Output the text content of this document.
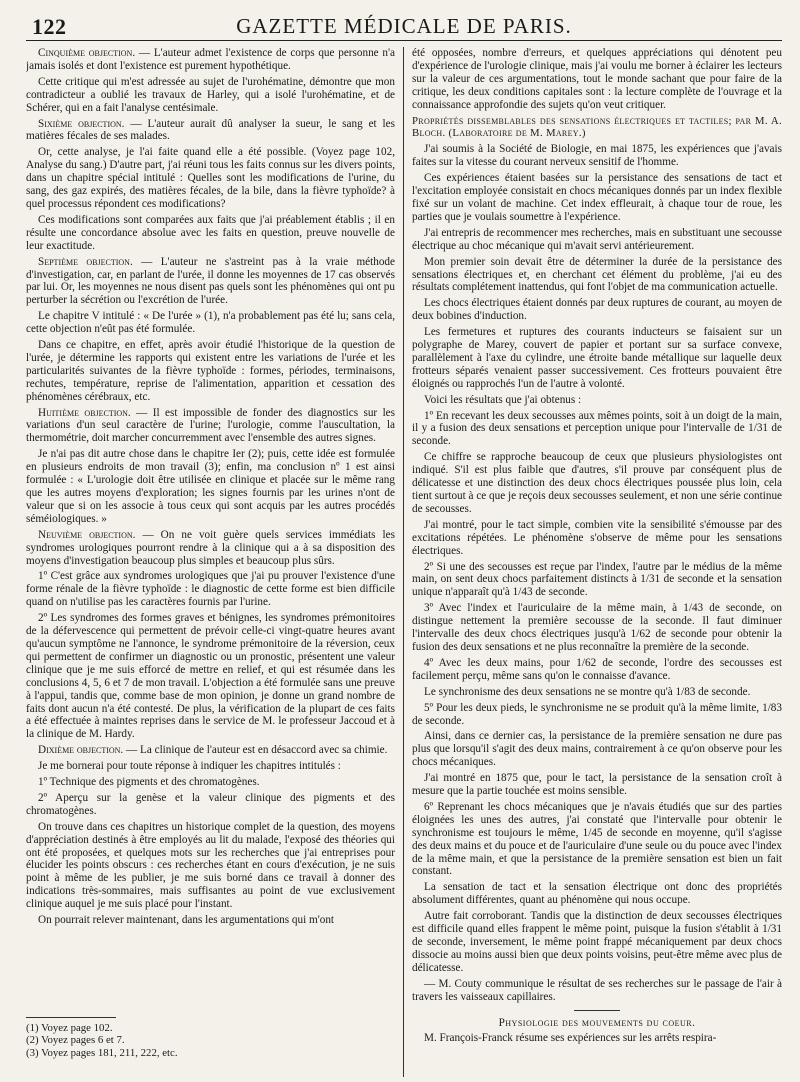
122	GAZETTE MÉDICALE DE PARIS.

Cinquième objection. — L'auteur admet l'existence de corps que personne n'a jamais isolés et dont l'existence est purement hypothétique.

Cette critique qui m'est adressée au sujet de l'urohématine, démontre que mon contradicteur a oublié les travaux de Harley, qui a isolé l'urohématine, et de Schérer, qui en a fait l'analyse centésimale.

Sixième objection. — L'auteur aurait dû analyser la sueur, le sang et les matières fécales de ses malades.

Or, cette analyse, je l'ai faite quand elle a été possible. (Voyez page 102, Analyse du sang.) D'autre part, j'ai réuni tous les faits connus sur les divers points, dans un chapitre spécial intitulé : Quelles sont les modifications de l'urine, du sang, des gaz expirés, des matières fécales, de la bile, dans la fièvre typhoïde? à quel processus répondent ces modifications?

Ces modifications sont comparées aux faits que j'ai préablement établis ; il en résulte une concordance absolue avec les faits en question, preuve nouvelle de leur exactitude.

Septième objection. — L'auteur ne s'astreint pas à la vraie méthode d'investigation, car, en parlant de l'urée, il donne les moyennes de 17 cas observés par lui. Or, les moyennes ne nous disent pas quels sont les phénomènes qui ont pu perturber la sécrétion ou l'excrétion de l'urée.

Le chapitre V intitulé : « De l'urée » (1), n'a probablement pas été lu; sans cela, cette objection n'eût pas été formulée.

Dans ce chapitre, en effet, après avoir étudié l'historique de la question de l'urée, je détermine les rapports qui existent entre les variations de l'urée et les particularités suivantes de la fièvre typhoïde : formes, périodes, terminaisons, rechutes, température, reprise de l'alimentation, apparition et cessation des phénomènes cérébraux, etc.

Huitième objection. — Il est impossible de fonder des diagnostics sur les variations d'un seul caractère de l'urine; l'urologie, comme l'auscultation, la thermométrie, doit marcher concurremment avec l'ensemble des autres signes.

Je n'ai pas dit autre chose dans le chapitre Ier (2); puis, cette idée est formulée en plusieurs endroits de mon travail (3); enfin, ma conclusion nº 1 est ainsi formulée : « L'urologie doit être utilisée en clinique et placée sur le même rang que les autres moyens d'exploration; les signes fournis par les urines n'ont de valeur que si on les associe à tous ceux qui sont acquis par les autres procédés séméiologiques. »

Neuvième objection. — On ne voit guère quels services immédiats les syndromes urologiques pourront rendre à la clinique qui a à sa disposition des moyens d'investigation beaucoup plus simples et beaucoup plus sûrs.

1º C'est grâce aux syndromes urologiques que j'ai pu prouver l'existence d'une forme rénale de la fièvre typhoïde : le diagnostic de cette forme est bien difficile quand on n'utilise pas les caractères fournis par l'urine.

2º Les syndromes des formes graves et bénignes, les syndromes prémonitoires de la défervescence qui permettent de prévoir celle-ci vingt-quatre heures avant qu'aucun symptôme ne l'annonce, le syndrome prémonitoire de la réversion, ceux qui permettent de confirmer un diagnostic ou un pronostic, présentent une valeur clinique que je me suis efforcé de mettre en relief, et qui est résumée dans les conclusions 4, 5, 6 et 7 de mon travail. L'objection a été formulée sans une preuve à l'appui, tandis que, comme base de mon opinion, je donne un grand nombre de faits dont aucun n'a été contesté. De plus, la vérification de la plupart de ces faits a été effectuée à maintes reprises dans le service de M. le professeur Jaccoud et à la clinique de M. Hardy.

Dixième objection. — La clinique de l'auteur est en désaccord avec sa chimie.

Je me bornerai pour toute réponse à indiquer les chapitres intitulés :

1º Technique des pigments et des chromatogènes.

2º Aperçu sur la genèse et la valeur clinique des pigments et des chromatogènes.

On trouve dans ces chapitres un historique complet de la question, des moyens d'appréciation destinés à être employés au lit du malade, l'exposé des théories qui ont été proposées, et quelques mots sur les recherches que j'ai entreprises pour élucider les points obscurs : ces recherches étant en cours d'exécution, je ne suis point à même de les publier, je me suis borné dans ce travail à donner des indications très-sommaires, mais suffisantes au point de vue exclusivement clinique auquel je me suis placé pour l'instant.

On pourrait relever maintenant, dans les argumentations qui m'ont

(1) Voyez page 102.
(2) Voyez pages 6 et 7.
(3) Voyez pages 181, 211, 222, etc.

été opposées, nombre d'erreurs, et quelques appréciations qui dénotent peu d'expérience de l'urologie clinique, mais j'ai voulu me borner à éclairer les lecteurs sur la valeur de ces argumentations, tout le monde sachant que pour faire de la critique, les deux conditions capitales sont : la lecture complète de l'ouvrage et la connaissance approfondie des sujets qu'on veut critiquer.

Propriétés dissemblables des sensations électriques et tactiles; par M. A. Bloch. (Laboratoire de M. Marey.)

J'ai soumis à la Société de Biologie, en mai 1875, les expériences que j'avais faites sur la vitesse du courant nerveux sensitif de l'homme.

Ces expériences étaient basées sur la persistance des sensations de tact et l'excitation employée consistait en chocs mécaniques donnés par un index flexible fixé sur un volant de machine. Cet index effleurait, à chaque tour de roue, les parties que je voulais soumettre à l'expérience.

J'ai entrepris de recommencer mes recherches, mais en substituant une secousse électrique au choc mécanique qui m'avait servi antérieurement.

Mon premier soin devait être de déterminer la durée de la persistance des sensations électriques et, en cherchant cet élément du problème, j'ai eu des résultats complétement inattendus, qui font l'objet de ma communication actuelle.

Les chocs électriques étaient donnés par deux ruptures de courant, au moyen de deux bobines d'induction.

Les fermetures et ruptures des courants inducteurs se faisaient sur un polygraphe de Marey, couvert de papier et portant sur sa surface convexe, parallèlement à l'axe du cylindre, une étroite bande métallique sur laquelle deux frotteurs séparés venaient passer successivement. Ces frotteurs pouvaient être éloignés ou rapprochés l'un de l'autre à volonté.

Voici les résultats que j'ai obtenus :

1º En recevant les deux secousses aux mêmes points, soit à un doigt de la main, il y a fusion des deux sensations et perception unique pour l'intervalle de 1/31 de seconde.

Ce chiffre se rapproche beaucoup de ceux que plusieurs physiologistes ont indiqué. S'il est plus faible que d'autres, s'il prouve par conséquent plus de délicatesse et une distinction des deux chocs électriques poussée plus loin, cela tient surtout à ce que je reçois deux secousses seulement, et non une série continue de secousses.

J'ai montré, pour le tact simple, combien vite la sensibilité s'émousse par des excitations répétées. Le phénomène s'observe de même pour les sensations électriques.

2º Si une des secousses est reçue par l'index, l'autre par le médius de la même main, on sent deux chocs parfaitement distincts à 1/31 de seconde et la sensation unique n'apparaît qu'à 1/43 de seconde.

3º Avec l'index et l'auriculaire de la même main, à 1/43 de seconde, on distingue nettement la première secousse de la seconde. Il faut diminuer l'intervalle des deux chocs électriques jusqu'à 1/62 de seconde pour obtenir la fusion des deux sensations et ne plus reconnaître la première de la seconde.

4º Avec les deux mains, pour 1/62 de seconde, l'ordre des secousses est facilement perçu, même sans qu'on le connaisse d'avance.

Le synchronisme des deux sensations ne se montre qu'à 1/83 de seconde.

5º Pour les deux pieds, le synchronisme ne se produit qu'à la même limite, 1/83 de seconde.

Ainsi, dans ce dernier cas, la persistance de la première sensation ne dure pas plus que lorsqu'il s'agit des deux mains, contrairement à ce qu'on observe pour les chocs mécaniques.

J'ai montré en 1875 que, pour le tact, la persistance de la sensation croît à mesure que la partie touchée est moins sensible.

6º Reprenant les chocs mécaniques que je n'avais étudiés que sur des parties éloignées les unes des autres, j'ai constaté que l'intervalle pour obtenir le synchronisme est toujours le même, 1/45 de seconde en moyenne, qu'il s'agisse des deux mains et du pouce et de l'auriculaire d'une seule ou du pouce avec l'index de la même main, et que la persistance de la première sensation est bien un fait constant.

La sensation de tact et la sensation électrique ont donc des propriétés absolument différentes, quant au phénomène qui nous occupe.

Autre fait corroborant. Tandis que la distinction de deux secousses électriques est difficile quand elles frappent le même point, puisque la fusion s'établit à 1/31 de seconde, inversement, le même point frappé mécaniquement par deux chocs dissocie au moins aussi bien que deux points voisins, peut-être même avec plus de délicatesse.

— M. Couty communique le résultat de ses recherches sur le passage de l'air à travers les vaisseaux capillaires.

Physiologie des mouvements du coeur.

M. François-Franck résume ses expériences sur les arrêts respira-
